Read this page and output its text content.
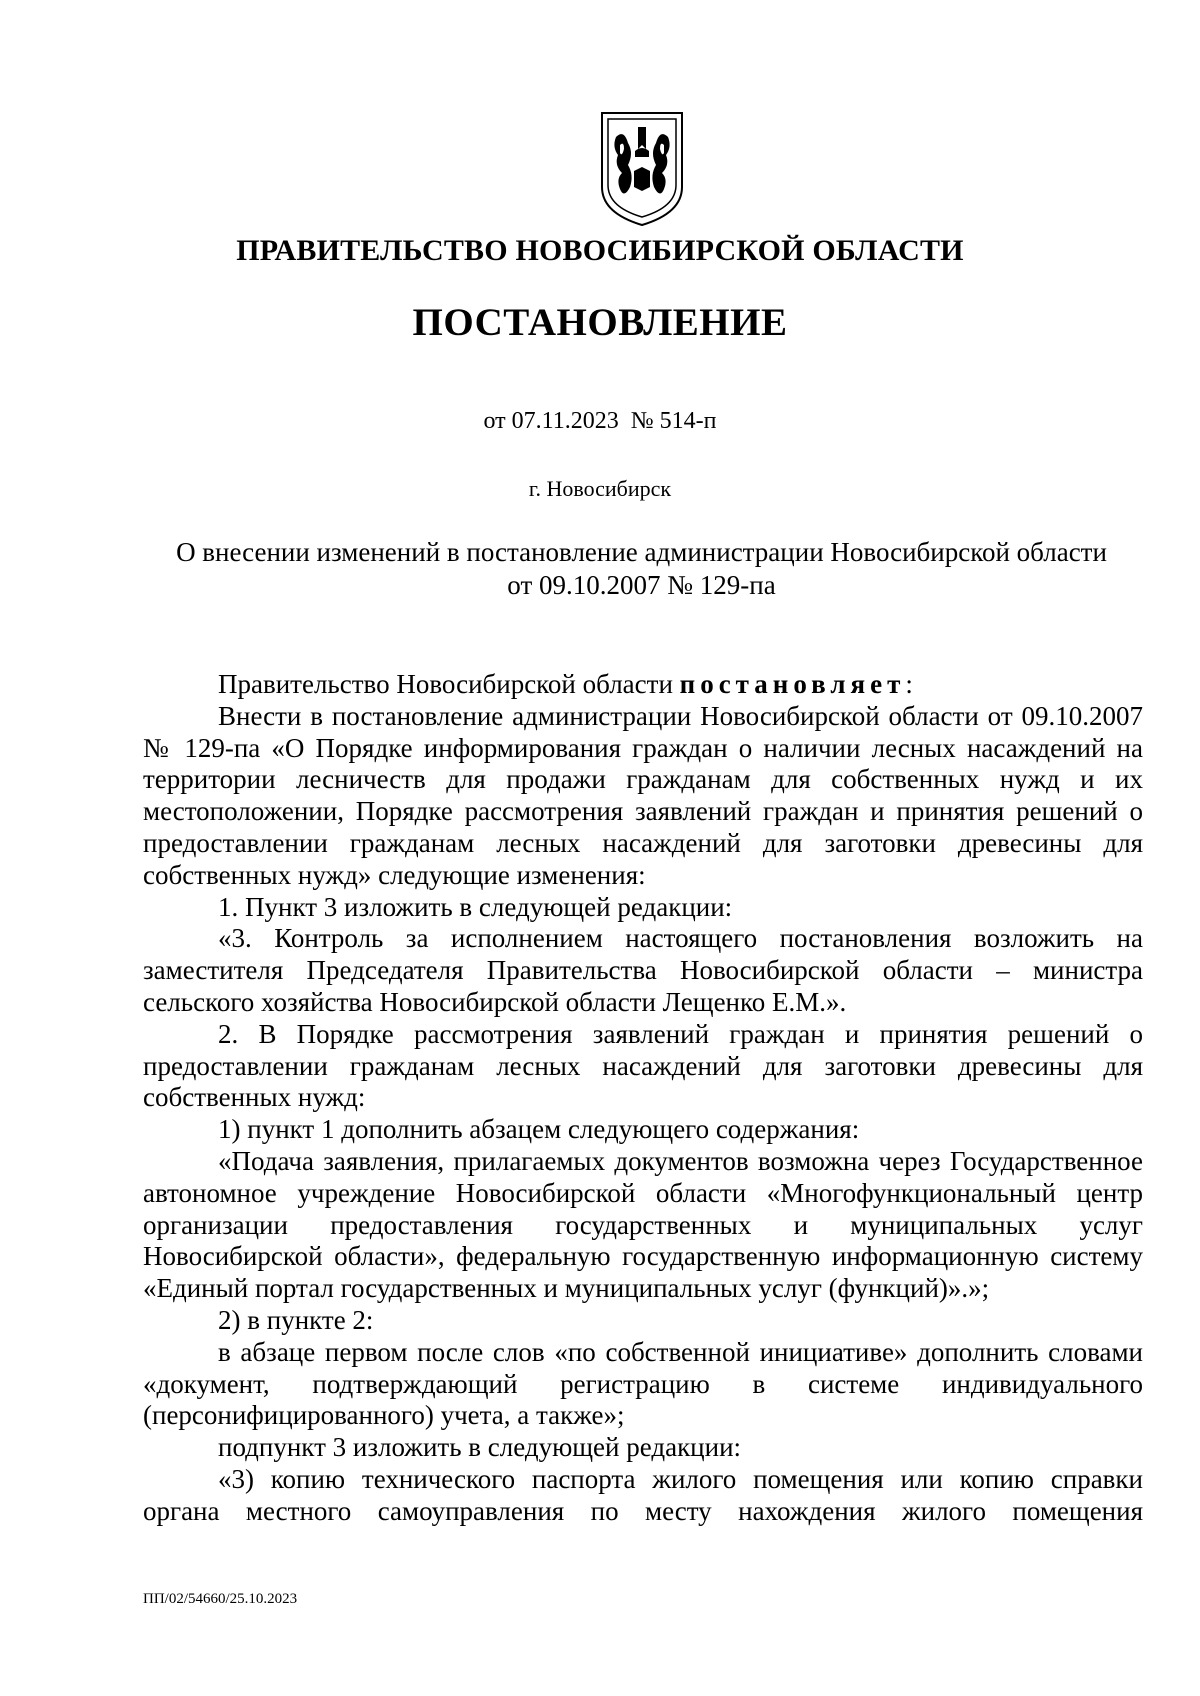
ПРАВИТЕЛЬСТВО НОВОСИБИРСКОЙ ОБЛАСТИ
ПОСТАНОВЛЕНИЕ
от 07.11.2023  № 514-п
г. Новосибирск
О внесении изменений в постановление администрации Новосибирской области
от 09.10.2007 № 129-па

Правительство Новосибирской области постановляет:

Внести в постановление администрации Новосибирской области от 09.10.2007 № 129-па «О Порядке информирования граждан о наличии лесных насаждений на территории лесничеств для продажи гражданам для собственных нужд и их местоположении, Порядке рассмотрения заявлений граждан и принятия решений о предоставлении гражданам лесных насаждений для заготовки древесины для собственных нужд» следующие изменения:

1. Пункт 3 изложить в следующей редакции:

«3. Контроль за исполнением настоящего постановления возложить на заместителя Председателя Правительства Новосибирской области – министра сельского хозяйства Новосибирской области Лещенко Е.М.».

2. В Порядке рассмотрения заявлений граждан и принятия решений о предоставлении гражданам лесных насаждений для заготовки древесины для собственных нужд:

1) пункт 1 дополнить абзацем следующего содержания:

«Подача заявления, прилагаемых документов возможна через Государственное автономное учреждение Новосибирской области «Многофункциональный центр организации предоставления государственных и муниципальных услуг Новосибирской области», федеральную государственную информационную систему «Единый портал государственных и муниципальных услуг (функций)».»;

2) в пункте 2:

в абзаце первом после слов «по собственной инициативе» дополнить словами «документ, подтверждающий регистрацию в системе индивидуального (персонифицированного) учета, а также»;

подпункт 3 изложить в следующей редакции:

«3) копию технического паспорта жилого помещения или копию справки органа местного самоуправления по месту нахождения жилого помещения

ПП/02/54660/25.10.2023
